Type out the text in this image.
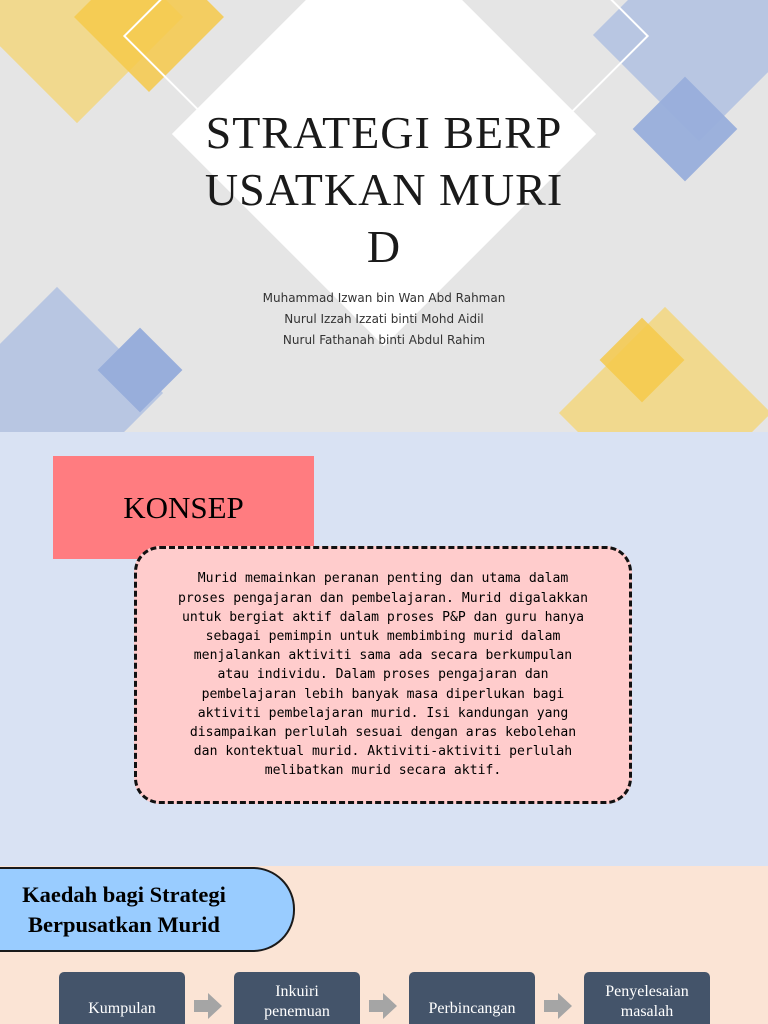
STRATEGI BERPUSATKAN MURID
Muhammad Izwan bin Wan Abd Rahman
Nurul Izzah Izzati binti Mohd Aidil
Nurul Fathanah binti Abdul Rahim
KONSEP
Murid memainkan peranan penting dan utama dalam
proses pengajaran dan pembelajaran. Murid digalakkan
untuk bergiat aktif dalam proses P&P dan guru hanya
sebagai pemimpin untuk membimbing murid dalam
menjalankan aktiviti sama ada secara berkumpulan
atau individu. Dalam proses pengajaran dan
pembelajaran lebih banyak masa diperlukan bagi
aktiviti pembelajaran murid. Isi kandungan yang
disampaikan perlulah sesuai dengan aras kebolehan
dan kontektual murid. Aktiviti-aktiviti perlulah
melibatkan murid secara aktif.
Kaedah bagi Strategi
Berpusatkan Murid
Kumpulan
Inkuiri
penemuan	Perbincangan
Penyelesaian
masalah
